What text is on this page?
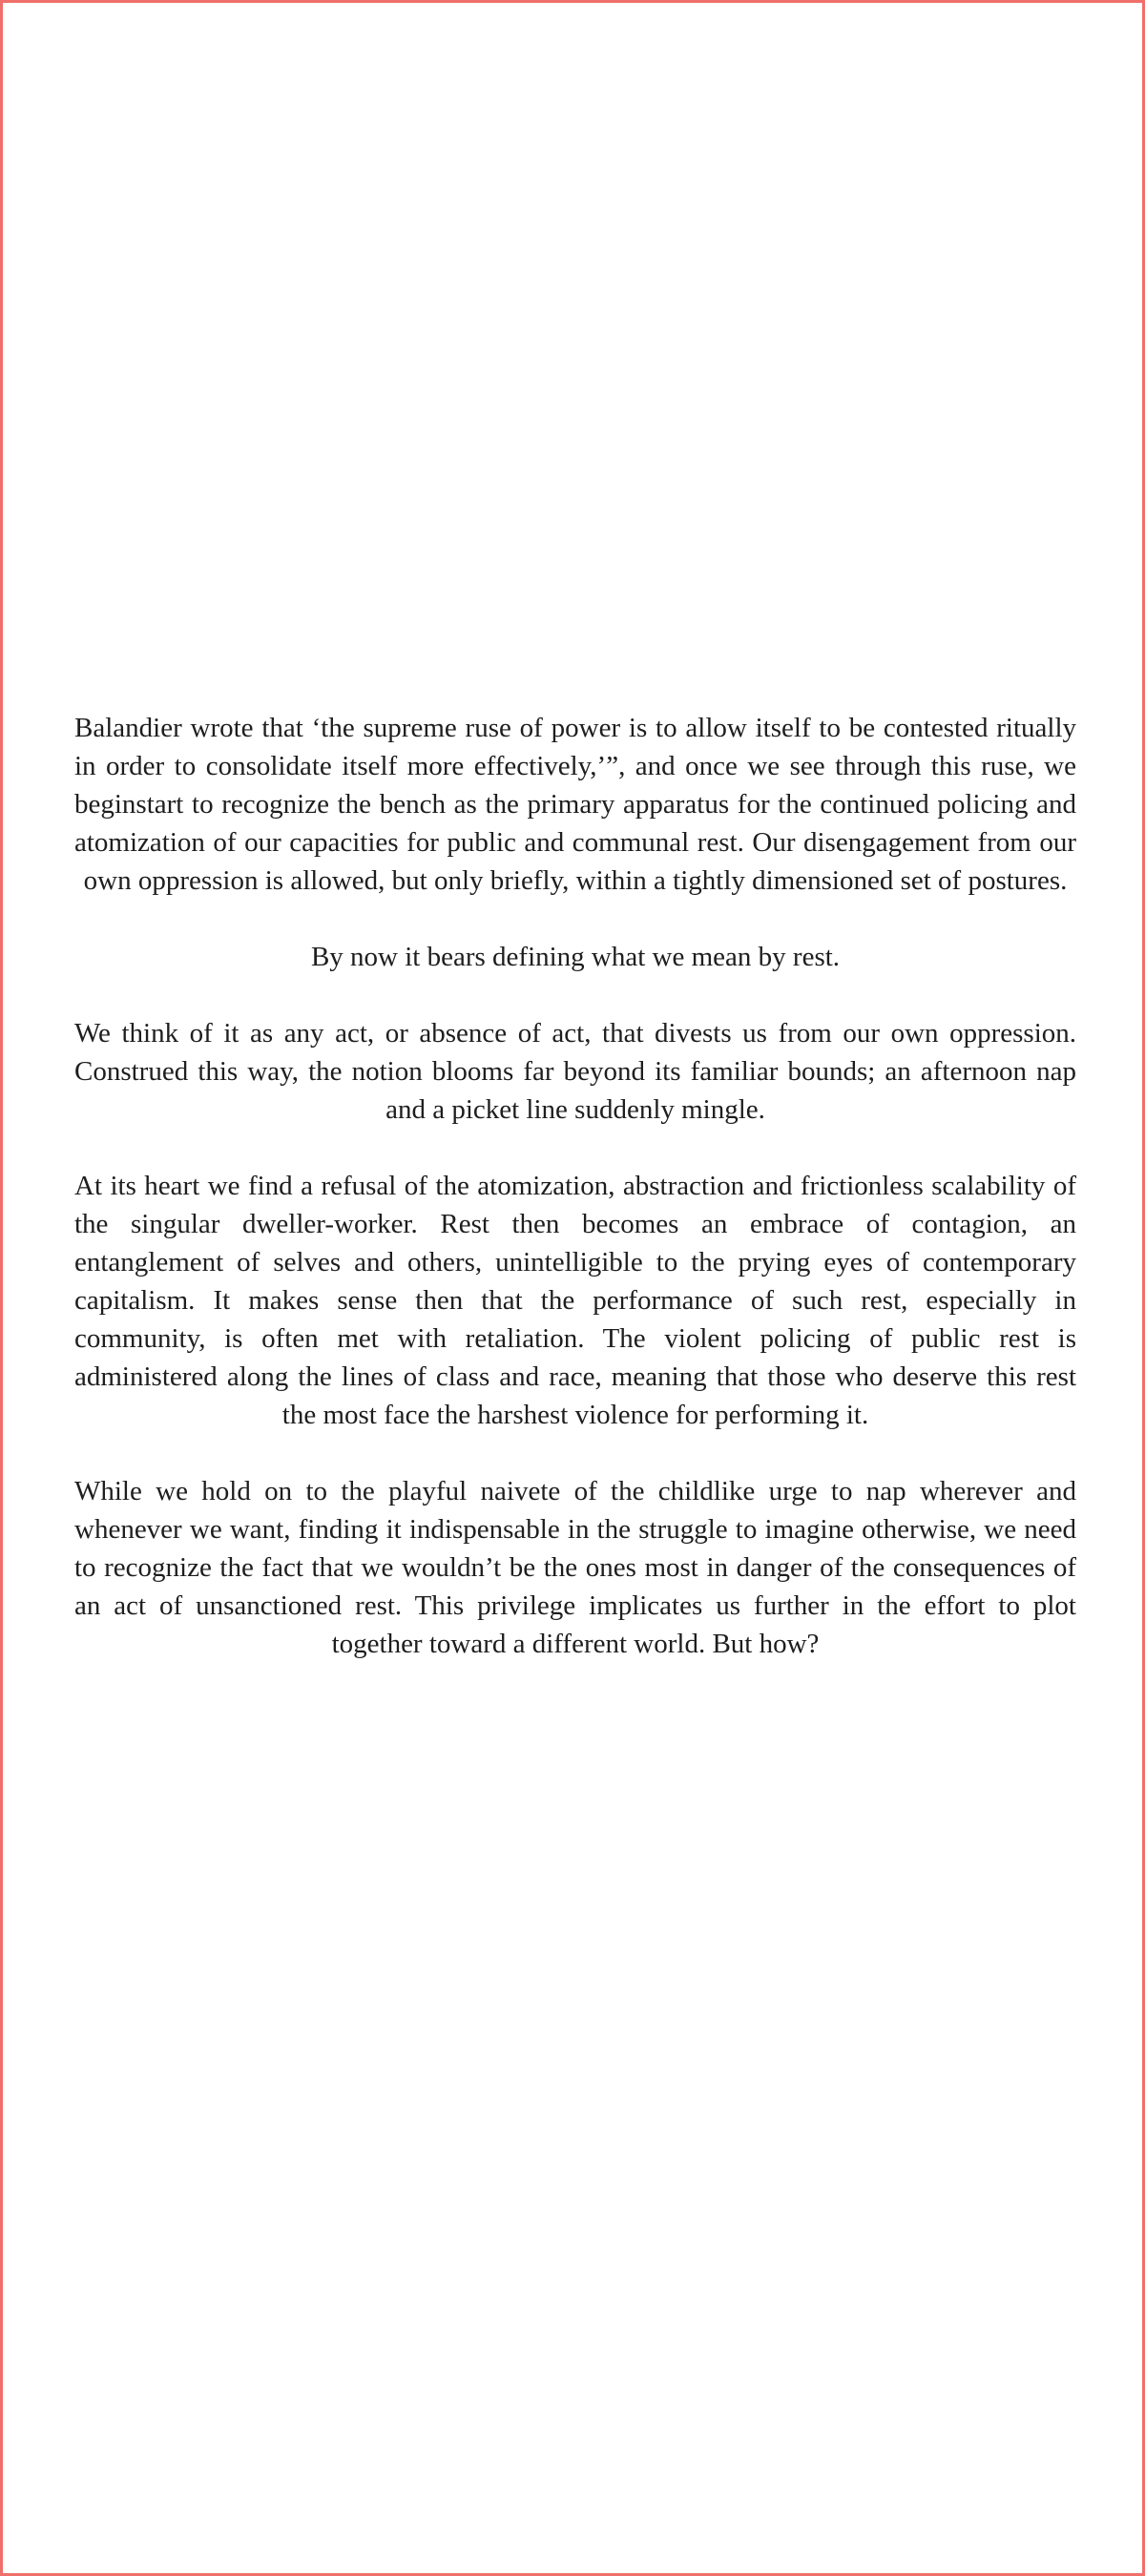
Balandier wrote that ‘the supreme ruse of power is to allow itself to be contested ritually in order to consolidate itself more effectively,’”, and once we see through this ruse, we beginstart to recognize the bench as the primary apparatus for the continued policing and atomization of our capacities for public and communal rest. Our disengagement from our own oppression is allowed, but only briefly, within a tightly dimensioned set of postures.

By now it bears defining what we mean by rest.

We think of it as any act, or absence of act, that divests us from our own oppression. Construed this way, the notion blooms far beyond its familiar bounds; an afternoon nap and a picket line suddenly mingle.

At its heart we find a refusal of the atomization, abstraction and frictionless scalability of the singular dweller-worker. Rest then becomes an embrace of contagion, an entanglement of selves and others, unintelligible to the prying eyes of contemporary capitalism. It makes sense then that the performance of such rest, especially in community, is often met with retaliation. The violent policing of public rest is administered along the lines of class and race, meaning that those who deserve this rest the most face the harshest violence for performing it.

While we hold on to the playful naivete of the childlike urge to nap wherever and whenever we want, finding it indispensable in the struggle to imagine otherwise, we need to recognize the fact that we wouldn’t be the ones most in danger of the consequences of an act of unsanctioned rest. This privilege implicates us further in the effort to plot together toward a different world. But how?
